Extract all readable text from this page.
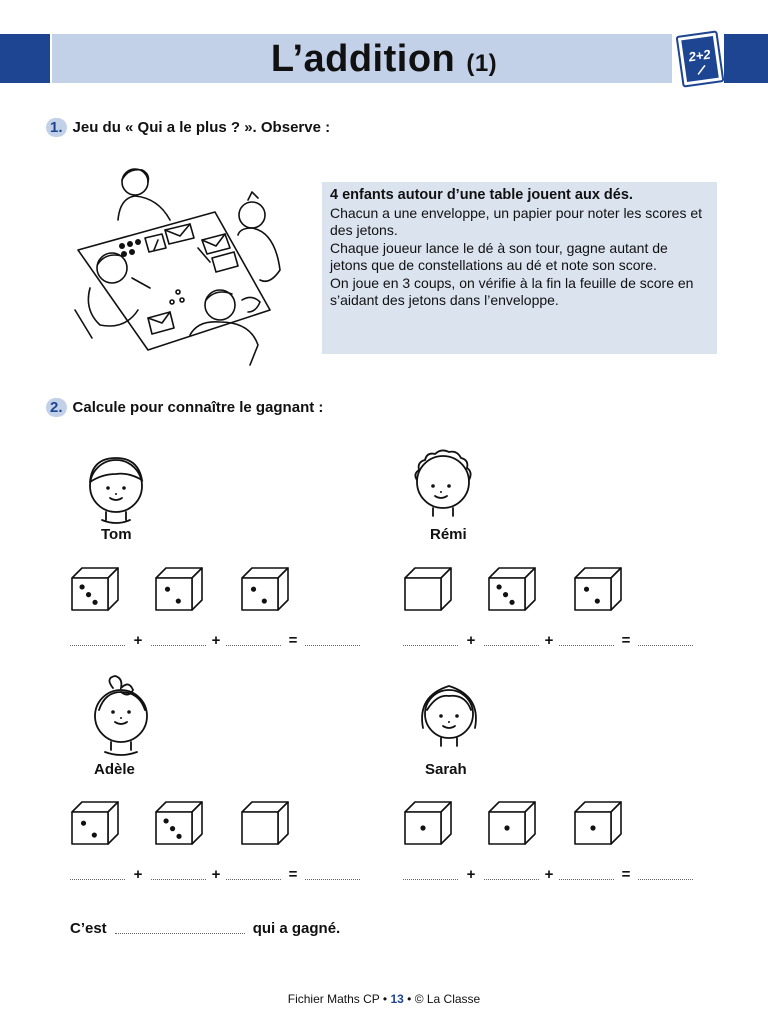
L’addition (1)	2+2
1. Jeu du « Qui a le plus ? ». Observe :

4 enfants autour d’une table jouent aux dés.

Chacun a une enveloppe, un papier pour noter les scores et des jetons.

Chaque joueur lance le dé à son tour, gagne autant de jetons que de constellations au dé et note son score.

On joue en 3 coups, on vérifie à la fin la feuille de score en s’aidant des jetons dans l’enveloppe.

2. Calcule pour connaître le gagnant :
Tom
+	+	=
Rémi
+	+	=
Adèle
+	+	=
Sarah
+	+	=
C’est	qui a gagné.
Fichier Maths CP • 13 • © La Classe
